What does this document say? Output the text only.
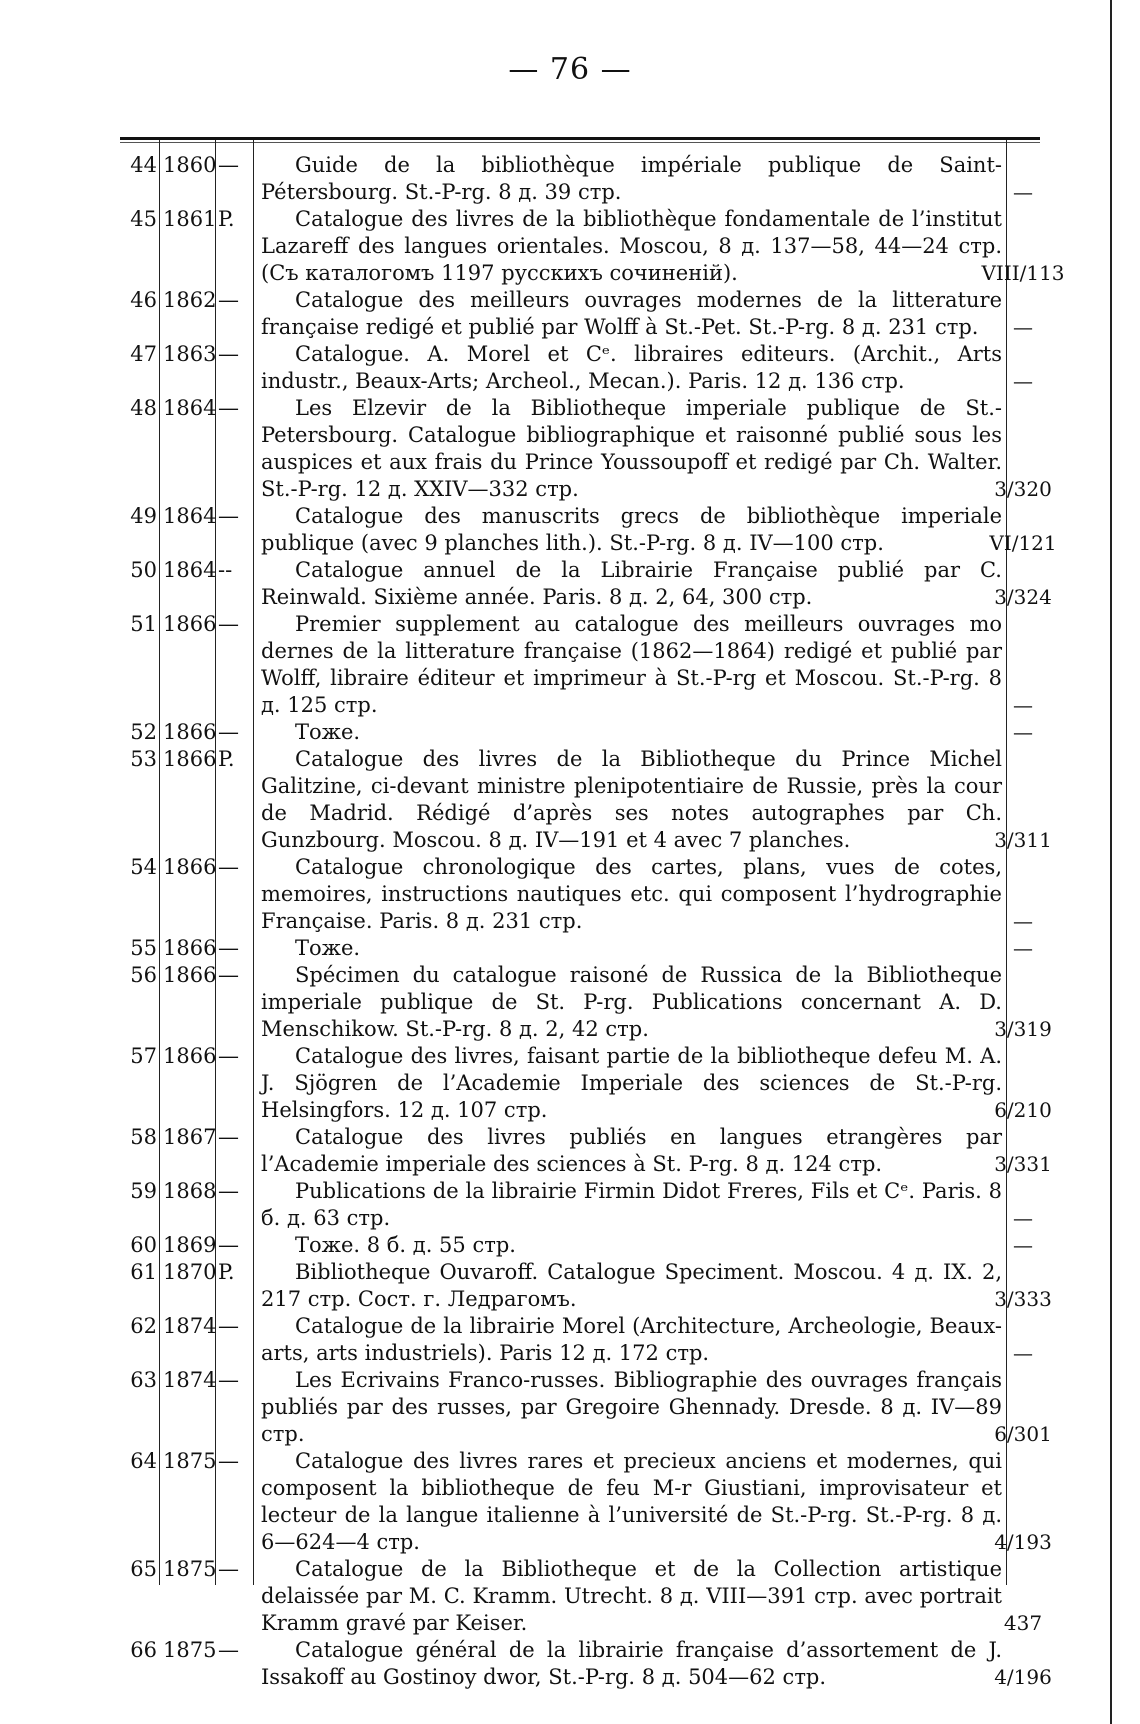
— 76 —
44 1860 —	Guide de la bibliothèque impériale publique de Saint-Pétersbourg. St.-P-rg. 8 д. 39 стр.	—
45 1861 P.	Catalogue des livres de la bibliothèque fondamentale de l’institut Lazareff des langues orientales. Moscou, 8 д. 137—58, 44—24 стр. (Съ каталогомъ 1197 русскихъ сочиненій).	VIII/113
46 1862 —	Catalogue des meilleurs ouvrages modernes de la litterature française redigé et publié par Wolff à St.-Pet. St.-P-rg. 8 д. 231 стр.	—
47 1863 —	Catalogue. A. Morel et Cᵉ. libraires editeurs. (Archit., Arts industr., Beaux-Arts; Archeol., Mecan.). Paris. 12 д. 136 стр.	—
48 1864 —	Les Elzevir de la Bibliotheque imperiale publique de St.-Petersbourg. Catalogue bibliographique et raisonné publié sous les auspices et aux frais du Prince Youssoupoff et redigé par Ch. Walter. St.-P-rg. 12 д. XXIV—332 стр.	3/320
49 1864 —	Catalogue des manuscrits grecs de bibliothèque imperiale publique (avec 9 planches lith.). St.-P-rg. 8 д. IV—100 стр.	VI/121
50 1864 --	Catalogue annuel de la Librairie Française publié par C. Reinwald. Sixième année. Paris. 8 д. 2, 64, 300 стр.	3/324
51 1866 —	Premier supplement au catalogue des meilleurs ouvrages mo dernes de la litterature française (1862—1864) redigé et publié par Wolff, libraire éditeur et imprimeur à St.-P-rg et Moscou. St.-P-rg. 8 д. 125 стр.	—
52 1866 —	Тоже.	—
53 1866 P.	Catalogue des livres de la Bibliotheque du Prince Michel Galitzine, ci-devant ministre plenipotentiaire de Russie, près la cour de Madrid. Rédigé d’après ses notes autographes par Ch. Gunzbourg. Moscou. 8 д. IV—191 et 4 avec 7 planches.	3/311
54 1866 —	Catalogue chronologique des cartes, plans, vues de cotes, memoires, instructions nautiques etc. qui composent l’hydrographie Française. Paris. 8 д. 231 стр.	—
55 1866 —	Тоже.	—
56 1866 —	Spécimen du catalogue raisoné de Russica de la Bibliotheque imperiale publique de St. P-rg. Publications concernant A. D. Menschikow. St.-P-rg. 8 д. 2, 42 стр.	3/319
57 1866 —	Catalogue des livres, faisant partie de la bibliotheque defeu M. A. J. Sjögren de l’Academie Imperiale des sciences de St.-P-rg. Helsingfors. 12 д. 107 стр.	6/210
58 1867 —	Catalogue des livres publiés en langues etrangères par l’Academie imperiale des sciences à St. P-rg. 8 д. 124 стр.	3/331
59 1868 —	Publications de la librairie Firmin Didot Freres, Fils et Cᵉ. Paris. 8 б. д. 63 стр.	—
60 1869 —	Тоже. 8 б. д. 55 стр.	—
61 1870 P.	Bibliotheque Ouvaroff. Catalogue Speciment. Moscou. 4 д. IX. 2, 217 стр. Сост. г. Ледрагомъ.	3/333
62 1874 —	Catalogue de la librairie Morel (Architecture, Archeologie, Beaux-arts, arts industriels). Paris 12 д. 172 стр.	—
63 1874 —	Les Ecrivains Franco-russes. Bibliographie des ouvrages français publiés par des russes, par Gregoire Ghennady. Dresde. 8 д. IV—89 стр.	6/301
64 1875 —	Catalogue des livres rares et precieux anciens et modernes, qui composent la bibliotheque de feu M-r Giustiani, improvisateur et lecteur de la langue italienne à l’université de St.-P-rg. St.-P-rg. 8 д. 6—624—4 стр.	4/193
65 1875 —	Catalogue de la Bibliotheque et de la Collection artistique delaissée par M. C. Kramm. Utrecht. 8 д. VIII—391 стр. avec portrait Kramm gravé par Keiser.	437
66 1875 —	Catalogue général de la librairie française d’assortement de J. Issakoff au Gostinoy dwor, St.-P-rg. 8 д. 504—62 стр.	4/196
